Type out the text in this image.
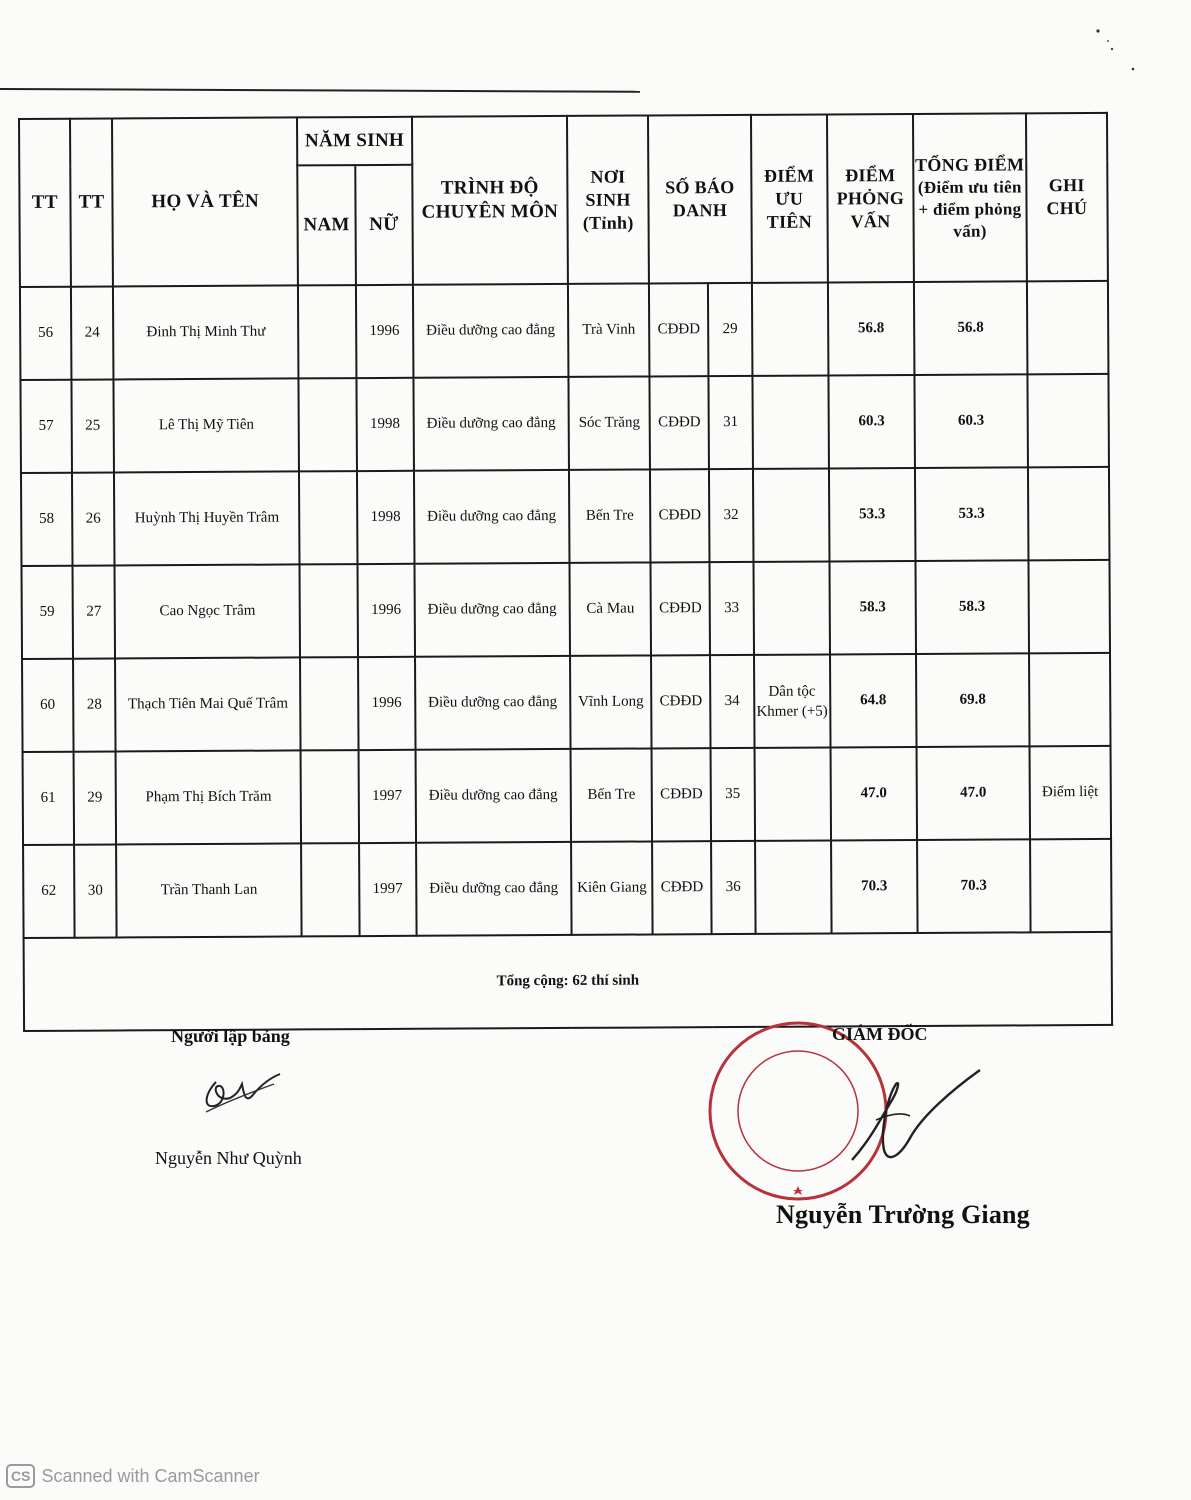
TT	TT	HỌ VÀ TÊN	NĂM SINH		TRÌNH ĐỘ CHUYÊN MÔN	NƠI SINH (Tỉnh)	SỐ BÁO DANH		ĐIỂM ƯU TIÊN	ĐIỂM PHỎNG VẤN	TỔNG ĐIỂM
(Điểm ưu tiên + điểm phỏng vấn)	GHI CHÚ
			NAM	NỮ								
56	24	Đinh Thị Minh Thư		1996	Điều dưỡng cao đẳng	Trà Vinh	CĐĐD	29		56.8	56.8	
57	25	Lê Thị Mỹ Tiên		1998	Điều dưỡng cao đẳng	Sóc Trăng	CĐĐD	31		60.3	60.3	
58	26	Huỳnh Thị Huyền Trâm		1998	Điều dưỡng cao đẳng	Bến Tre	CĐĐD	32		53.3	53.3	
59	27	Cao Ngọc Trâm		1996	Điều dưỡng cao đẳng	Cà Mau	CĐĐD	33		58.3	58.3	
60	28	Thạch Tiên Mai Quế Trâm		1996	Điều dưỡng cao đẳng	Vĩnh Long	CĐĐD	34	Dân tộc Khmer (+5)	64.8	69.8	
61	29	Phạm Thị Bích Trăm		1997	Điều dưỡng cao đẳng	Bến Tre	CĐĐD	35		47.0	47.0	Điểm liệt
62	30	Trần Thanh Lan		1997	Điều dưỡng cao đẳng	Kiên Giang	CĐĐD	36		70.3	70.3	
Tổng cộng: 62 thí sinh												
Người lập bảng
Nguyễn Như Quỳnh
GIÁM ĐỐC
Nguyễn Trường Giang
CS Scanned with CamScanner
